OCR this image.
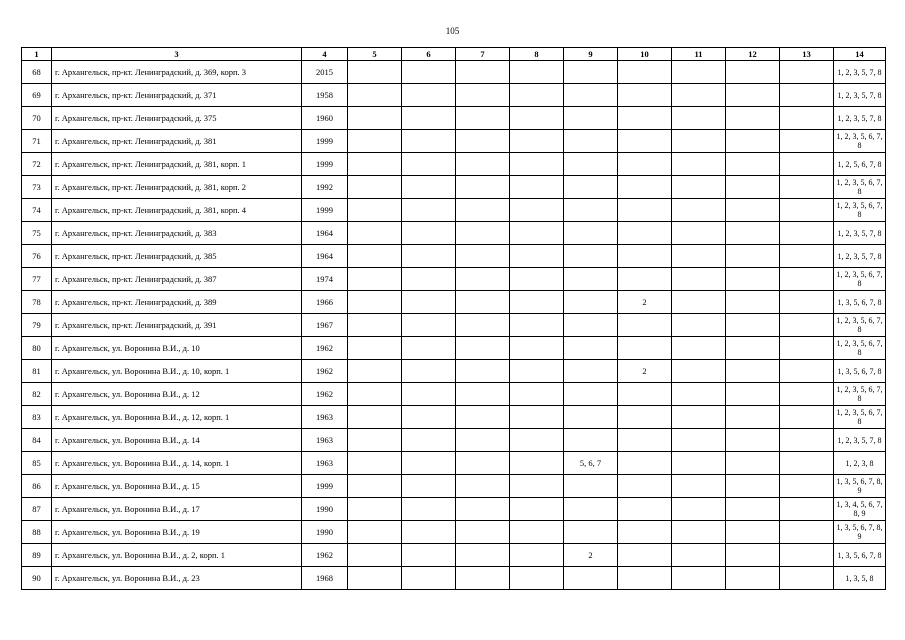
105
1	3	4	5	6	7	8	9	10	11	12	13	14
68	г. Архангельск, пр-кт. Ленинградский, д. 369, корп. 3	2015										1, 2, 3, 5, 7, 8
69	г. Архангельск, пр-кт. Ленинградский, д. 371	1958										1, 2, 3, 5, 7, 8
70	г. Архангельск, пр-кт. Ленинградский, д. 375	1960										1, 2, 3, 5, 7, 8
71	г. Архангельск, пр-кт. Ленинградский, д. 381	1999										1, 2, 3, 5, 6, 7, 8
72	г. Архангельск, пр-кт. Ленинградский, д. 381, корп. 1	1999										1, 2, 5, 6, 7, 8
73	г. Архангельск, пр-кт. Ленинградский, д. 381, корп. 2	1992										1, 2, 3, 5, 6, 7, 8
74	г. Архангельск, пр-кт. Ленинградский, д. 381, корп. 4	1999										1, 2, 3, 5, 6, 7, 8
75	г. Архангельск, пр-кт. Ленинградский, д. 383	1964										1, 2, 3, 5, 7, 8
76	г. Архангельск, пр-кт. Ленинградский, д. 385	1964										1, 2, 3, 5, 7, 8
77	г. Архангельск, пр-кт. Ленинградский, д. 387	1974										1, 2, 3, 5, 6, 7, 8
78	г. Архангельск, пр-кт. Ленинградский, д. 389	1966						2				1, 3, 5, 6, 7, 8
79	г. Архангельск, пр-кт. Ленинградский, д. 391	1967										1, 2, 3, 5, 6, 7, 8
80	г. Архангельск, ул. Воронина В.И., д. 10	1962										1, 2, 3, 5, 6, 7, 8
81	г. Архангельск, ул. Воронина В.И., д. 10, корп. 1	1962						2				1, 3, 5, 6, 7, 8
82	г. Архангельск, ул. Воронина В.И., д. 12	1962										1, 2, 3, 5, 6, 7, 8
83	г. Архангельск, ул. Воронина В.И., д. 12, корп. 1	1963										1, 2, 3, 5, 6, 7, 8
84	г. Архангельск, ул. Воронина В.И., д. 14	1963										1, 2, 3, 5, 7, 8
85	г. Архангельск, ул. Воронина В.И., д. 14, корп. 1	1963					5, 6, 7					1, 2, 3, 8
86	г. Архангельск, ул. Воронина В.И., д. 15	1999										1, 3, 5, 6, 7, 8, 9
87	г. Архангельск, ул. Воронина В.И., д. 17	1990										1, 3, 4, 5, 6, 7, 8, 9
88	г. Архангельск, ул. Воронина В.И., д. 19	1990										1, 3, 5, 6, 7, 8, 9
89	г. Архангельск, ул. Воронина В.И., д. 2, корп. 1	1962					2					1, 3, 5, 6, 7, 8
90	г. Архангельск, ул. Воронина В.И., д. 23	1968										1, 3, 5, 8
